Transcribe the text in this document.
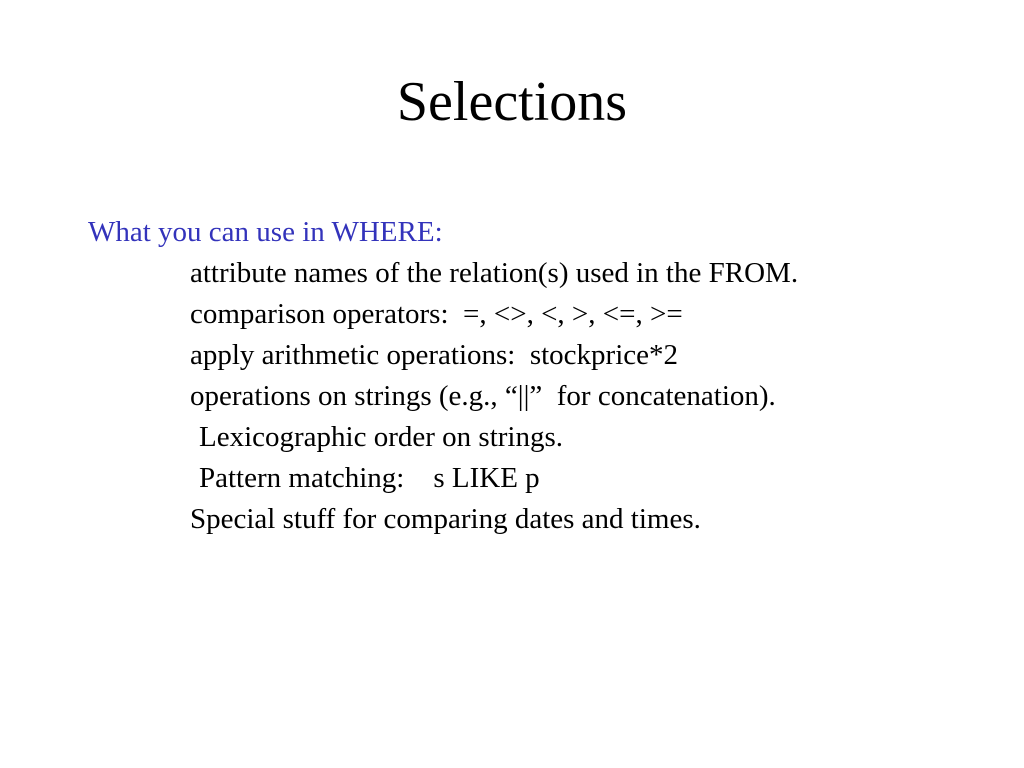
Selections
What you can use in WHERE:
attribute names of the relation(s) used in the FROM.
comparison operators:  =, <>, <, >, <=, >=
apply arithmetic operations:  stockprice*2
operations on strings (e.g., “||”  for concatenation).
Lexicographic order on strings.
Pattern matching:    s LIKE p
Special stuff for comparing dates and times.
